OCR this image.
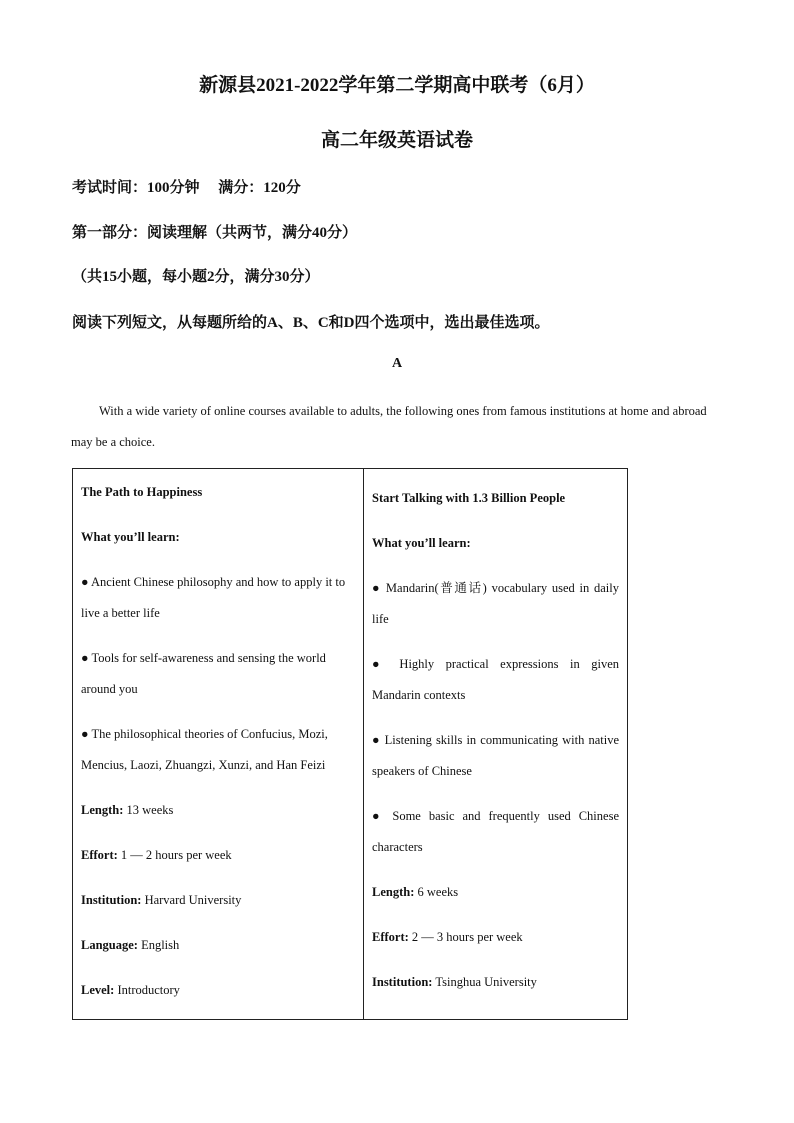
新源县2021-2022学年第二学期高中联考（6月）
高二年级英语试卷
考试时间：100分钟　 满分：120分
第一部分：阅读理解（共两节，满分40分）
（共15小题，每小题2分，满分30分）
阅读下列短文，从每题所给的A、B、C和D四个选项中，选出最佳选项。
A

With a wide variety of online courses available to adults, the following ones from famous institutions at home and abroad may be a choice.

The Path to Happiness

What you’ll learn:

● Ancient Chinese philosophy and how to apply it to live a better life

● Tools for self-awareness and sensing the world around you

● The philosophical theories of Confucius, Mozi, Mencius, Laozi, Zhuangzi, Xunzi, and Han Feizi

Length: 13 weeks

Effort: 1 — 2 hours per week

Institution: Harvard University

Language: English

Level: Introductory

Start Talking with 1.3 Billion People

What you’ll learn:

● Mandarin(普通话) vocabulary used in daily life

● Highly practical expressions in given Mandarin contexts

● Listening skills in communicating with native speakers of Chinese

● Some basic and frequently used Chinese characters

Length: 6 weeks

Effort: 2 — 3 hours per week

Institution: Tsinghua University
